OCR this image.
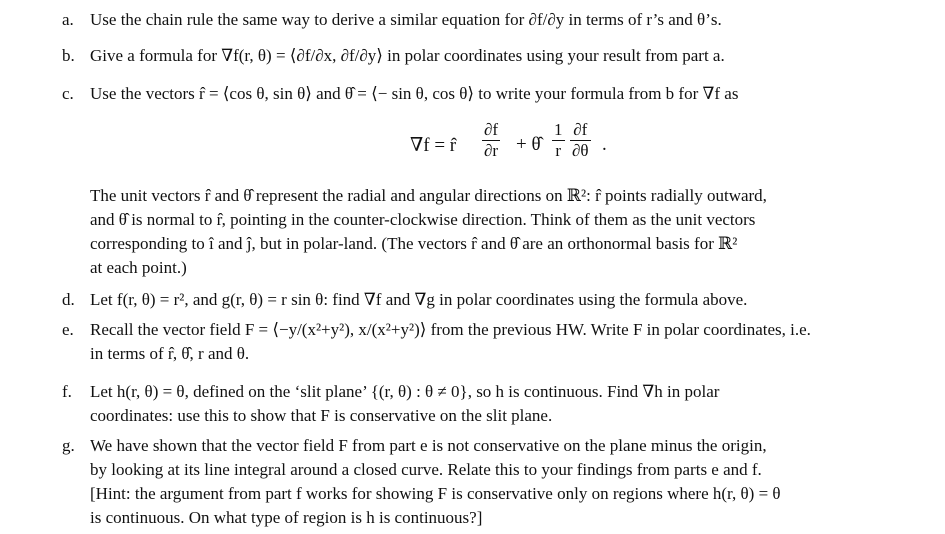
a. Use the chain rule the same way to derive a similar equation for ∂f/∂y in terms of r’s and θ’s.
b. Give a formula for ∇f(r, θ) = ⟨∂f/∂x, ∂f/∂y⟩ in polar coordinates using your result from part a.
c. Use the vectors r̂ = ⟨cos θ, sin θ⟩ and θ̂ = ⟨− sin θ, cos θ⟩ to write your formula from b for ∇f as
∇f = r̂ $\frac{\partial f}{\partial r}$ + θ̂ $\frac{1}{r} \frac{\partial f}{\partial\theta}$ .
The unit vectors r̂ and θ̂ represent the radial and angular directions on ℝ²: r̂ points radially outward,
and θ̂ is normal to r̂, pointing in the counter-clockwise direction. Think of them as the unit vectors
corresponding to î and ĵ, but in polar-land. (The vectors r̂ and θ̂ are an orthonormal basis for ℝ²
at each point.)
d. Let f(r, θ) = r², and g(r, θ) = r sin θ: find ∇f and ∇g in polar coordinates using the formula above.
e. Recall the vector field F = ⟨−y/(x²+y²), x/(x²+y²)⟩ from the previous HW. Write F in polar coordinates, i.e.
in terms of r̂, θ̂, r and θ.
f. Let h(r, θ) = θ, defined on the ‘slit plane’ {(r, θ) : θ ≠ 0}, so h is continuous. Find ∇h in polar
coordinates: use this to show that F is conservative on the slit plane.
g. We have shown that the vector field F from part e is not conservative on the plane minus the origin,
by looking at its line integral around a closed curve. Relate this to your findings from parts e and f.
[Hint: the argument from part f works for showing F is conservative only on regions where h(r, θ) = θ
is continuous. On what type of region is h is continuous?]
